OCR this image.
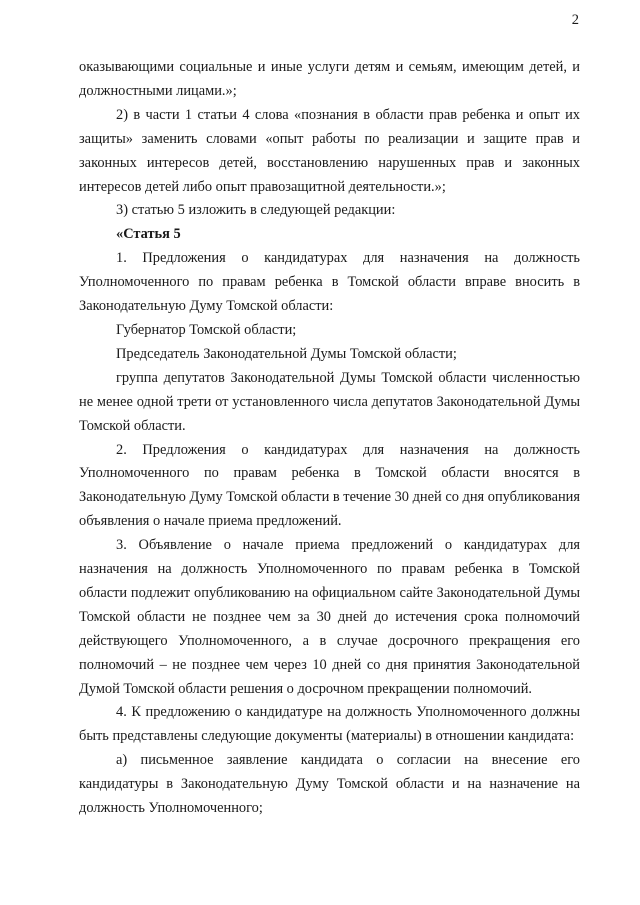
2

оказывающими социальные и иные услуги детям и семьям, имеющим детей, и должностными лицами.»;

2) в части 1 статьи 4 слова «познания в области прав ребенка и опыт их защиты» заменить словами «опыт работы по реализации и защите прав и законных интересов детей, восстановлению нарушенных прав и законных интересов детей либо опыт правозащитной деятельности.»;

3) статью 5 изложить в следующей редакции:

«Статья 5

1. Предложения о кандидатурах для назначения на должность Уполномоченного по правам ребенка в Томской области вправе вносить в Законодательную Думу Томской области:

Губернатор Томской области;

Председатель Законодательной Думы Томской области;

группа депутатов Законодательной Думы Томской области численностью не менее одной трети от установленного числа депутатов Законодательной Думы Томской области.

2. Предложения о кандидатурах для назначения на должность Уполномоченного по правам ребенка в Томской области вносятся в Законодательную Думу Томской области в течение 30 дней со дня опубликования объявления о начале приема предложений.

3. Объявление о начале приема предложений о кандидатурах для назначения на должность Уполномоченного по правам ребенка в Томской области подлежит опубликованию на официальном сайте Законодательной Думы Томской области не позднее чем за 30 дней до истечения срока полномочий действующего Уполномоченного, а в случае досрочного прекращения его полномочий – не позднее чем через 10 дней со дня принятия Законодательной Думой Томской области решения о досрочном прекращении полномочий.

4. К предложению о кандидатуре на должность Уполномоченного должны быть представлены следующие документы (материалы) в отношении кандидата:

а) письменное заявление кандидата о согласии на внесение его кандидатуры в Законодательную Думу Томской области и на назначение на должность Уполномоченного;
